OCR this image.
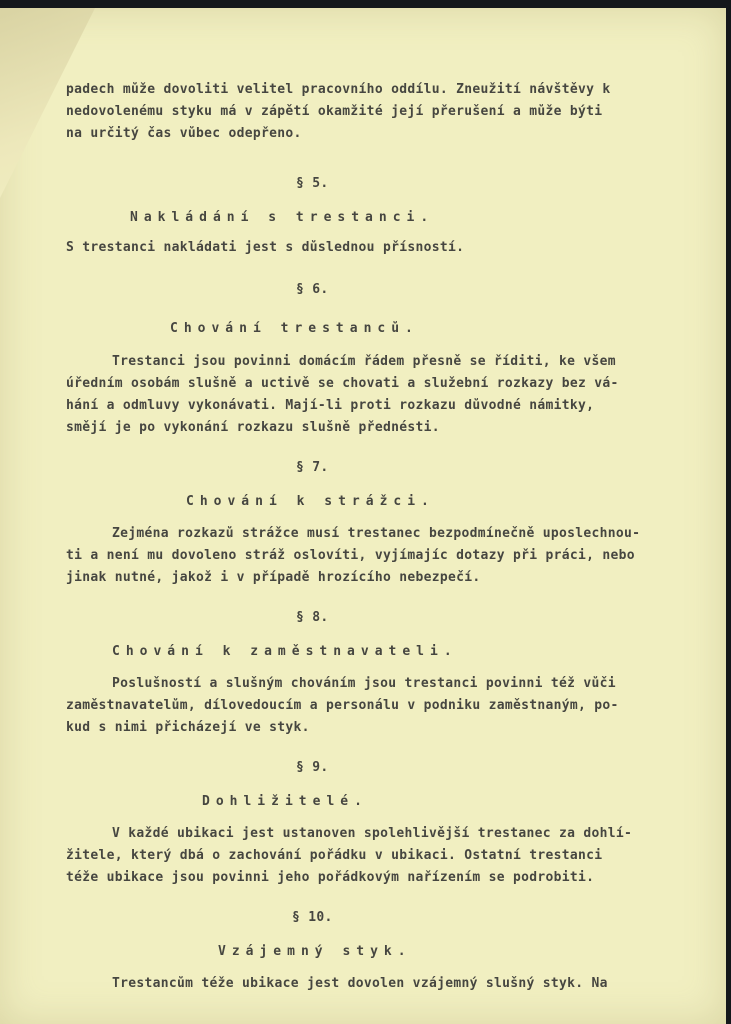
padech může dovoliti velitel pracovního oddílu. Zneužití návštěvy k
nedovolenému styku má v zápětí okamžité její přerušení a může býti
na určitý čas vůbec odepřeno.
§ 5.
Nakládání s trestanci.
S trestanci nakládati jest s důslednou přísností.
§ 6.
Chování trestanců.
Trestanci jsou povinni domácím řádem přesně se říditi, ke všem
úředním osobám slušně a uctivě se chovati a služební rozkazy bez vá-
hání a odmluvy vykonávati. Mají-li proti rozkazu důvodné námitky,
smějí je po vykonání rozkazu slušně přednésti.
§ 7.
Chování k strážci.
Zejména rozkazů strážce musí trestanec bezpodmínečně uposlechnou-
ti a není mu dovoleno stráž oslovíti, vyjímajíc dotazy při práci, nebo
jinak nutné, jakož i v případě hrozícího nebezpečí.
§ 8.
Chování k zaměstnavateli.
Poslušností a slušným chováním jsou trestanci povinni též vůči
zaměstnavatelům, dílovedoucím a personálu v podniku zaměstnaným, po-
kud s nimi přicházejí ve styk.
§ 9.
Dohližitelé.
V každé ubikaci jest ustanoven spolehlivější trestanec za dohlí-
žitele, který dbá o zachování pořádku v ubikaci. Ostatní trestanci
téže ubikace jsou povinni jeho pořádkovým nařízením se podrobiti.
§ 10.
Vzájemný styk.
Trestancům téže ubikace jest dovolen vzájemný slušný styk. Na
